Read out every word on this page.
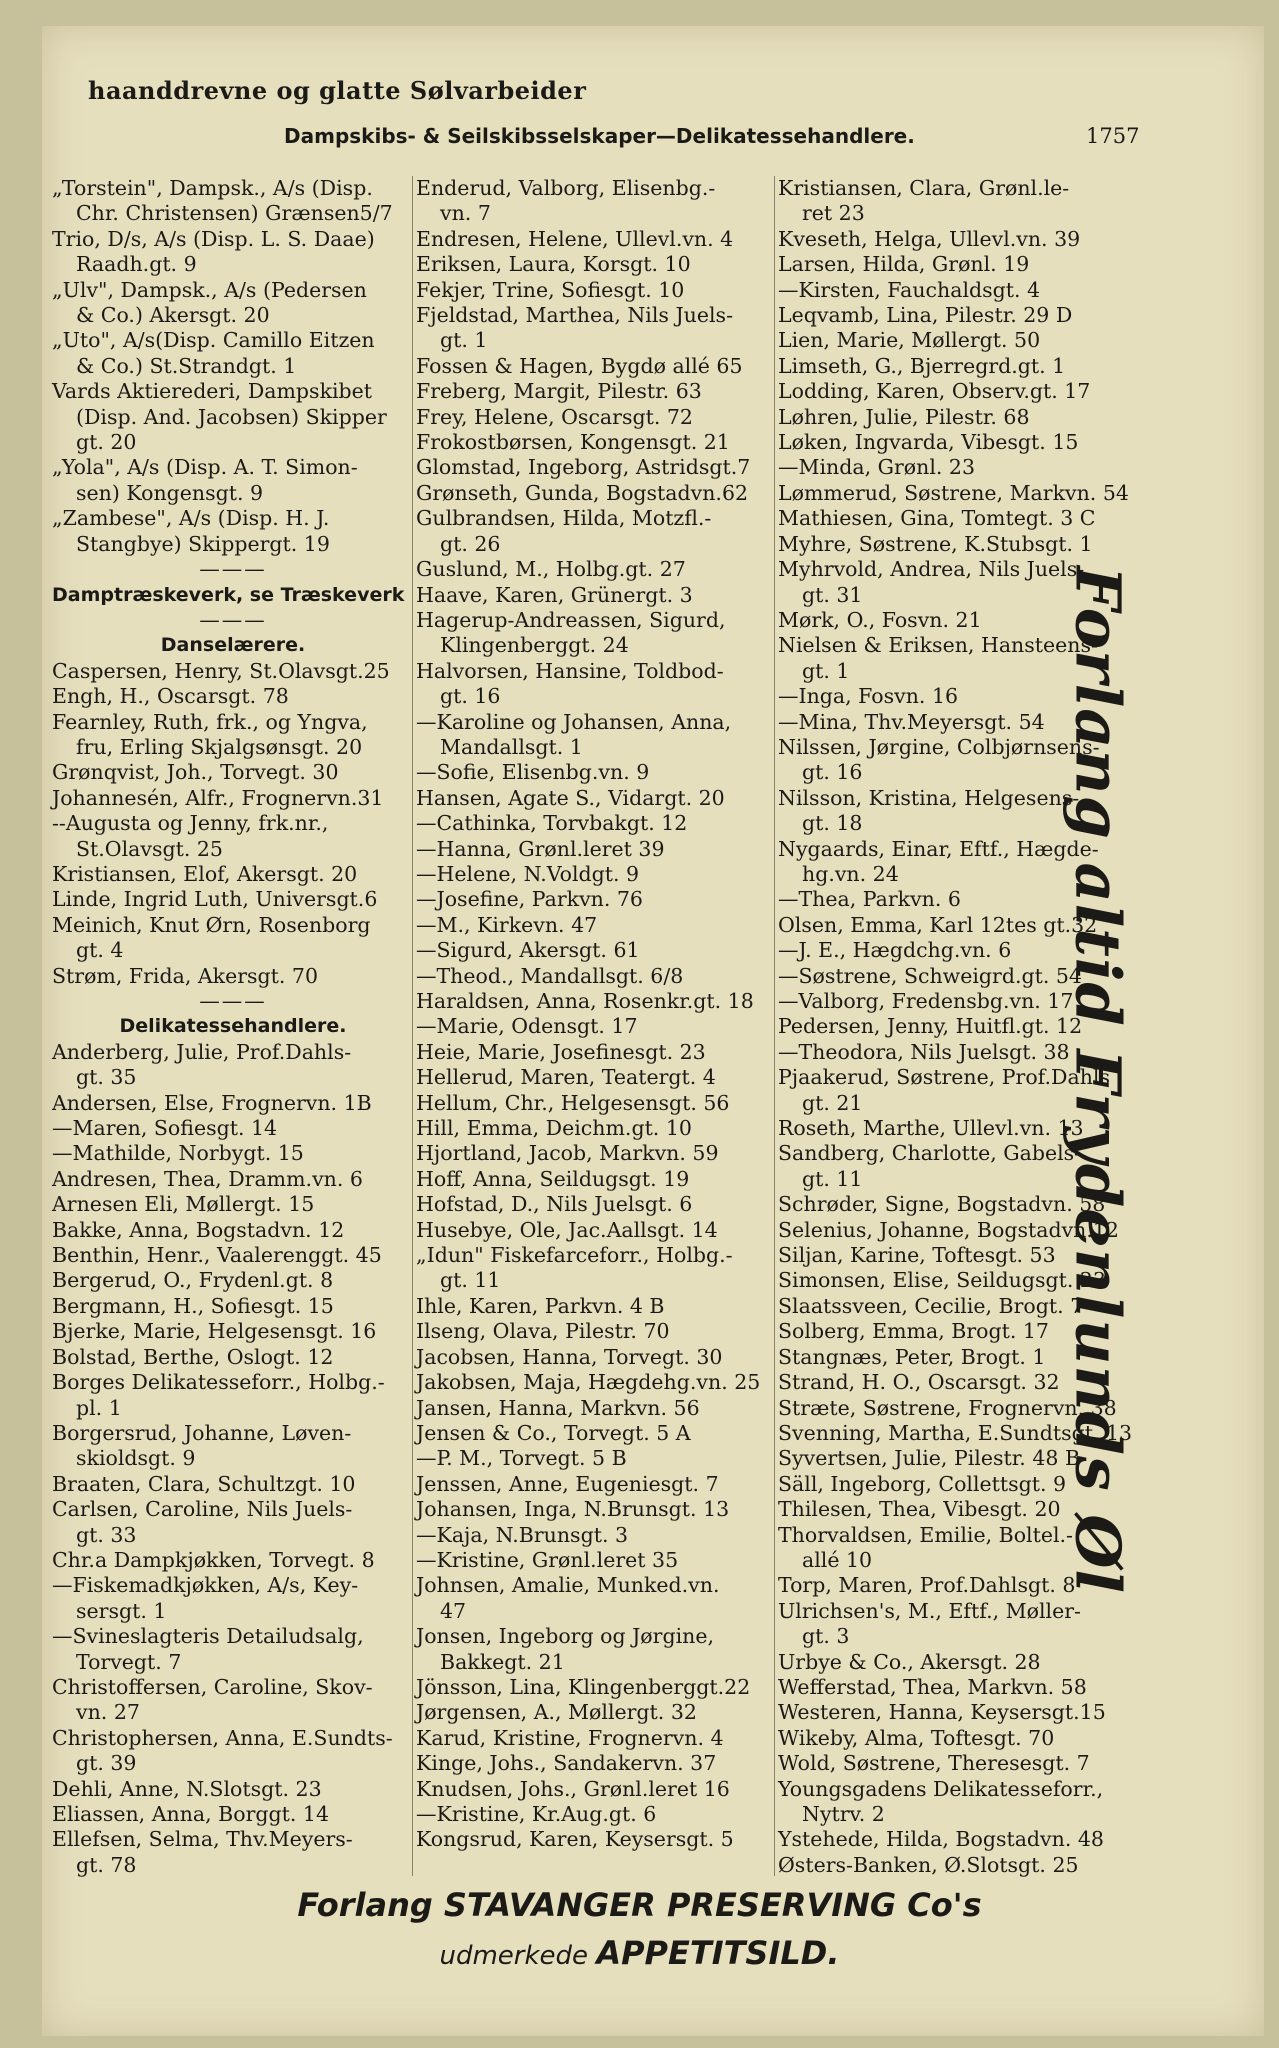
haanddrevne og glatte Sølvarbeider
Dampskibs- & Seilskibsselskaper—Delikatessehandlere.	1757
„Torstein", Dampsk., A/s (Disp.
Chr. Christensen) Grænsen5/7
Trio, D/s, A/s (Disp. L. S. Daae)
Raadh.gt. 9
„Ulv", Dampsk., A/s (Pedersen
& Co.) Akersgt. 20
„Uto", A/s(Disp. Camillo Eitzen
& Co.) St.Strandgt. 1
Vards Aktierederi, Dampskibet
(Disp. And. Jacobsen) Skipper
gt. 20
„Yola", A/s (Disp. A. T. Simon-
sen) Kongensgt. 9
„Zambese", A/s (Disp. H. J.
Stangbye) Skippergt. 19
———
Damptræskeverk, se Træskeverk
———
Danselærere.
Caspersen, Henry, St.Olavsgt.25
Engh, H., Oscarsgt. 78
Fearnley, Ruth, frk., og Yngva,
fru, Erling Skjalgsønsgt. 20
Grønqvist, Joh., Torvegt. 30
Johannesén, Alfr., Frognervn.31
--Augusta og Jenny, frk.nr.,
St.Olavsgt. 25
Kristiansen, Elof, Akersgt. 20
Linde, Ingrid Luth, Universgt.6
Meinich, Knut Ørn, Rosenborg
gt. 4
Strøm, Frida, Akersgt. 70
———
Delikatessehandlere.
Anderberg, Julie, Prof.Dahls-
gt. 35
Andersen, Else, Frognervn. 1B
—Maren, Sofiesgt. 14
—Mathilde, Norbygt. 15
Andresen, Thea, Dramm.vn. 6
Arnesen Eli, Møllergt. 15
Bakke, Anna, Bogstadvn. 12
Benthin, Henr., Vaalerenggt. 45
Bergerud, O., Frydenl.gt. 8
Bergmann, H., Sofiesgt. 15
Bjerke, Marie, Helgesensgt. 16
Bolstad, Berthe, Oslogt. 12
Borges Delikatesseforr., Holbg.-
pl. 1
Borgersrud, Johanne, Løven-
skioldsgt. 9
Braaten, Clara, Schultzgt. 10
Carlsen, Caroline, Nils Juels-
gt. 33
Chr.a Dampkjøkken, Torvegt. 8
—Fiskemadkjøkken, A/s, Key-
sersgt. 1
—Svineslagteris Detailudsalg,
Torvegt. 7
Christoffersen, Caroline, Skov-
vn. 27
Christophersen, Anna, E.Sundts-
gt. 39
Dehli, Anne, N.Slotsgt. 23
Eliassen, Anna, Borggt. 14
Ellefsen, Selma, Thv.Meyers-
gt. 78
Enderud, Valborg, Elisenbg.-
vn. 7
Endresen, Helene, Ullevl.vn. 4
Eriksen, Laura, Korsgt. 10
Fekjer, Trine, Sofiesgt. 10
Fjeldstad, Marthea, Nils Juels-
gt. 1
Fossen & Hagen, Bygdø allé 65
Freberg, Margit, Pilestr. 63
Frey, Helene, Oscarsgt. 72
Frokostbørsen, Kongensgt. 21
Glomstad, Ingeborg, Astridsgt.7
Grønseth, Gunda, Bogstadvn.62
Gulbrandsen, Hilda, Motzfl.-
gt. 26
Guslund, M., Holbg.gt. 27
Haave, Karen, Grünergt. 3
Hagerup-Andreassen, Sigurd,
Klingenberggt. 24
Halvorsen, Hansine, Toldbod-
gt. 16
—Karoline og Johansen, Anna,
Mandallsgt. 1
—Sofie, Elisenbg.vn. 9
Hansen, Agate S., Vidargt. 20
—Cathinka, Torvbakgt. 12
—Hanna, Grønl.leret 39
—Helene, N.Voldgt. 9
—Josefine, Parkvn. 76
—M., Kirkevn. 47
—Sigurd, Akersgt. 61
—Theod., Mandallsgt. 6/8
Haraldsen, Anna, Rosenkr.gt. 18
—Marie, Odensgt. 17
Heie, Marie, Josefinesgt. 23
Hellerud, Maren, Teatergt. 4
Hellum, Chr., Helgesensgt. 56
Hill, Emma, Deichm.gt. 10
Hjortland, Jacob, Markvn. 59
Hoff, Anna, Seildugsgt. 19
Hofstad, D., Nils Juelsgt. 6
Husebye, Ole, Jac.Aallsgt. 14
„Idun" Fiskefarceforr., Holbg.-
gt. 11
Ihle, Karen, Parkvn. 4 B
Ilseng, Olava, Pilestr. 70
Jacobsen, Hanna, Torvegt. 30
Jakobsen, Maja, Hægdehg.vn. 25
Jansen, Hanna, Markvn. 56
Jensen & Co., Torvegt. 5 A
—P. M., Torvegt. 5 B
Jenssen, Anne, Eugeniesgt. 7
Johansen, Inga, N.Brunsgt. 13
—Kaja, N.Brunsgt. 3
—Kristine, Grønl.leret 35
Johnsen, Amalie, Munked.vn.
47
Jonsen, Ingeborg og Jørgine,
Bakkegt. 21
Jönsson, Lina, Klingenberggt.22
Jørgensen, A., Møllergt. 32
Karud, Kristine, Frognervn. 4
Kinge, Johs., Sandakervn. 37
Knudsen, Johs., Grønl.leret 16
—Kristine, Kr.Aug.gt. 6
Kongsrud, Karen, Keysersgt. 5
Kristiansen, Clara, Grønl.le-
ret 23
Kveseth, Helga, Ullevl.vn. 39
Larsen, Hilda, Grønl. 19
—Kirsten, Fauchaldsgt. 4
Leqvamb, Lina, Pilestr. 29 D
Lien, Marie, Møllergt. 50
Limseth, G., Bjerregrd.gt. 1
Lodding, Karen, Observ.gt. 17
Løhren, Julie, Pilestr. 68
Løken, Ingvarda, Vibesgt. 15
—Minda, Grønl. 23
Lømmerud, Søstrene, Markvn. 54
Mathiesen, Gina, Tomtegt. 3 C
Myhre, Søstrene, K.Stubsgt. 1
Myhrvold, Andrea, Nils Juels-
gt. 31
Mørk, O., Fosvn. 21
Nielsen & Eriksen, Hansteens-
gt. 1
—Inga, Fosvn. 16
—Mina, Thv.Meyersgt. 54
Nilssen, Jørgine, Colbjørnsens-
gt. 16
Nilsson, Kristina, Helgesens-
gt. 18
Nygaards, Einar, Eftf., Hægde-
hg.vn. 24
—Thea, Parkvn. 6
Olsen, Emma, Karl 12tes gt.32
—J. E., Hægdchg.vn. 6
—Søstrene, Schweigrd.gt. 54
—Valborg, Fredensbg.vn. 17
Pedersen, Jenny, Huitfl.gt. 12
—Theodora, Nils Juelsgt. 38
Pjaakerud, Søstrene, Prof.Dahls
gt. 21
Roseth, Marthe, Ullevl.vn. 13
Sandberg, Charlotte, Gabels-
gt. 11
Schrøder, Signe, Bogstadvn. 58
Selenius, Johanne, Bogstadvn.12
Siljan, Karine, Toftesgt. 53
Simonsen, Elise, Seildugsgt. 23
Slaatssveen, Cecilie, Brogt. 7
Solberg, Emma, Brogt. 17
Stangnæs, Peter, Brogt. 1
Strand, H. O., Oscarsgt. 32
Stræte, Søstrene, Frognervn. 38
Svenning, Martha, E.Sundtsgt. 13
Syvertsen, Julie, Pilestr. 48 B
Säll, Ingeborg, Collettsgt. 9
Thilesen, Thea, Vibesgt. 20
Thorvaldsen, Emilie, Boltel.-
allé 10
Torp, Maren, Prof.Dahlsgt. 8
Ulrichsen's, M., Eftf., Møller-
gt. 3
Urbye & Co., Akersgt. 28
Wefferstad, Thea, Markvn. 58
Westeren, Hanna, Keysersgt.15
Wikeby, Alma, Toftesgt. 70
Wold, Søstrene, Theresesgt. 7
Youngsgadens Delikatesseforr.,
Nytrv. 2
Ystehede, Hilda, Bogstadvn. 48
Østers-Banken, Ø.Slotsgt. 25
Forlang altid Frydenlunds Øl
Forlang STAVANGER PRESERVING Co's
udmerkede APPETITSILD.
